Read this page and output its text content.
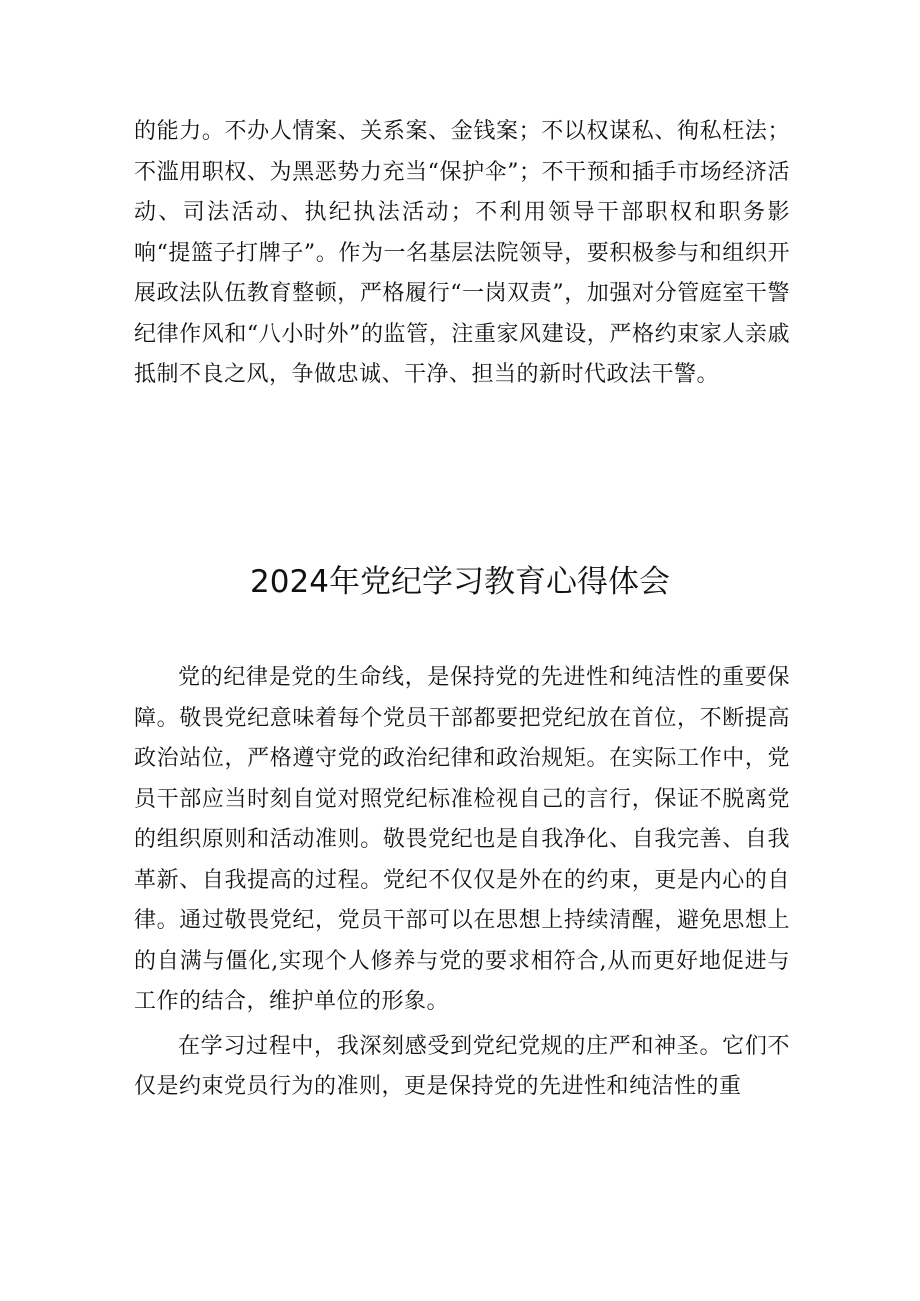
的能力。不办人情案、关系案、金钱案；不以权谋私、徇私枉法；不滥用职权、为黑恶势力充当“保护伞”；不干预和插手市场经济活动、司法活动、执纪执法活动；不利用领导干部职权和职务影响“提篮子打牌子”。作为一名基层法院领导，要积极参与和组织开展政法队伍教育整顿，严格履行“一岗双责”，加强对分管庭室干警纪律作风和“八小时外”的监管，注重家风建设，严格约束家人亲戚抵制不良之风，争做忠诚、干净、担当的新时代政法干警。

2024年党纪学习教育心得体会

党的纪律是党的生命线，是保持党的先进性和纯洁性的重要保障。敬畏党纪意味着每个党员干部都要把党纪放在首位，不断提高政治站位，严格遵守党的政治纪律和政治规矩。在实际工作中，党员干部应当时刻自觉对照党纪标准检视自己的言行，保证不脱离党的组织原则和活动准则。敬畏党纪也是自我净化、自我完善、自我革新、自我提高的过程。党纪不仅仅是外在的约束，更是内心的自律。通过敬畏党纪，党员干部可以在思想上持续清醒，避免思想上的自满与僵化,实现个人修养与党的要求相符合,从而更好地促进与工作的结合，维护单位的形象。

在学习过程中，我深刻感受到党纪党规的庄严和神圣。它们不仅是约束党员行为的准则，更是保持党的先进性和纯洁性的重
